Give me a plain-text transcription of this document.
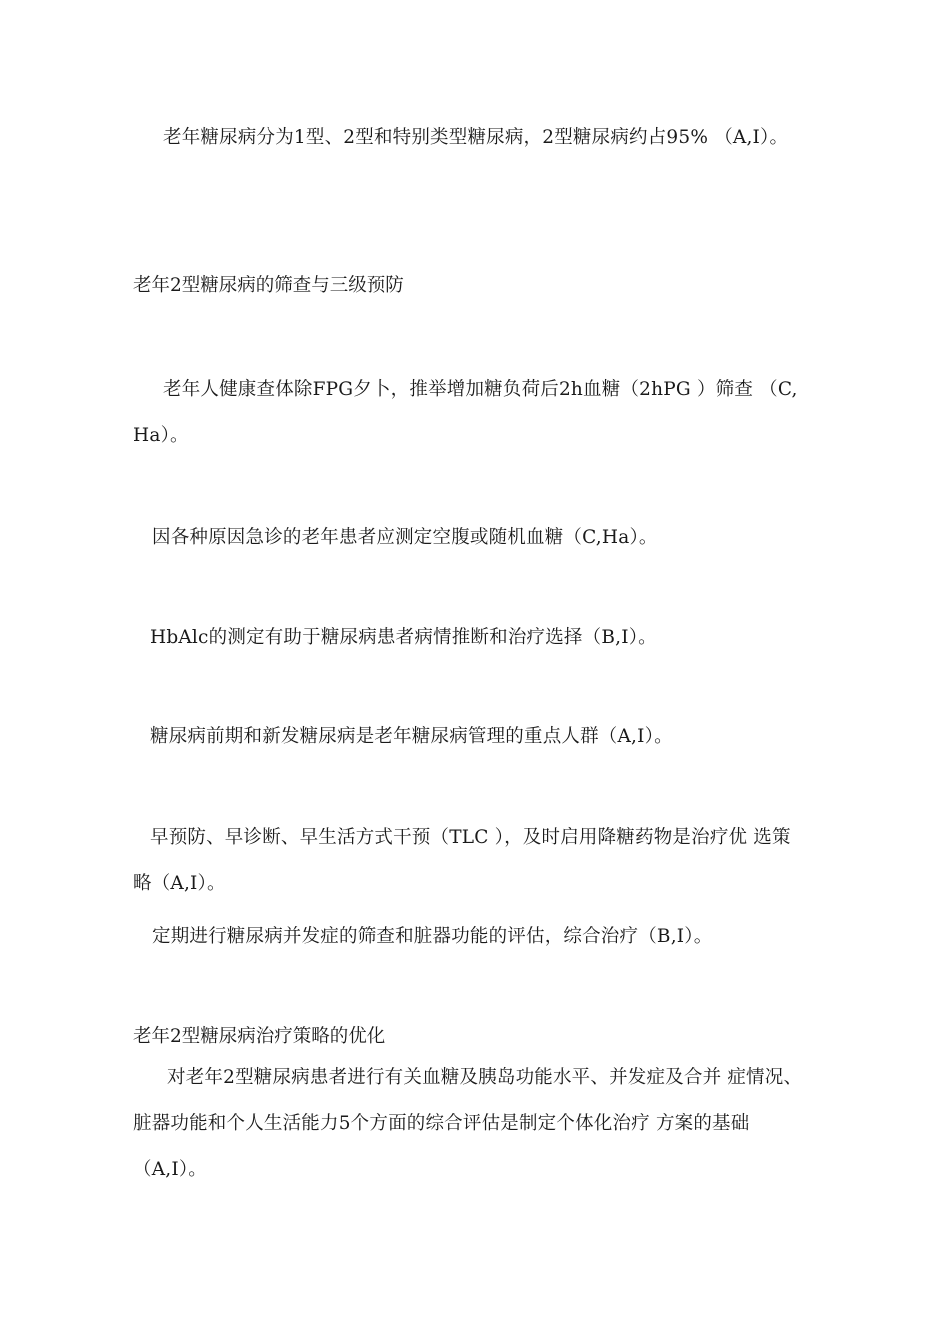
老年糖尿病分为1型、2型和特别类型糖尿病，2型糖尿病约占95% （A,I）。
老年2型糖尿病的筛查与三级预防
老年人健康查体除FPG夕卜，推举增加糖负荷后2h血糖（2hPG ）筛查 （C,
Ha）。
因各种原因急诊的老年患者应测定空腹或随机血糖（C,Ha）。
HbAlc的测定有助于糖尿病患者病情推断和治疗选择（B,I）。
糖尿病前期和新发糖尿病是老年糖尿病管理的重点人群（A,I）。
早预防、早诊断、早生活方式干预（TLC ），及时启用降糖药物是治疗优 选策
略（A,I）。
定期进行糖尿病并发症的筛查和脏器功能的评估，综合治疗（B,I）。
老年2型糖尿病治疗策略的优化
对老年2型糖尿病患者进行有关血糖及胰岛功能水平、并发症及合并 症情况、
脏器功能和个人生活能力5个方面的综合评估是制定个体化治疗 方案的基础
（A,I）。
